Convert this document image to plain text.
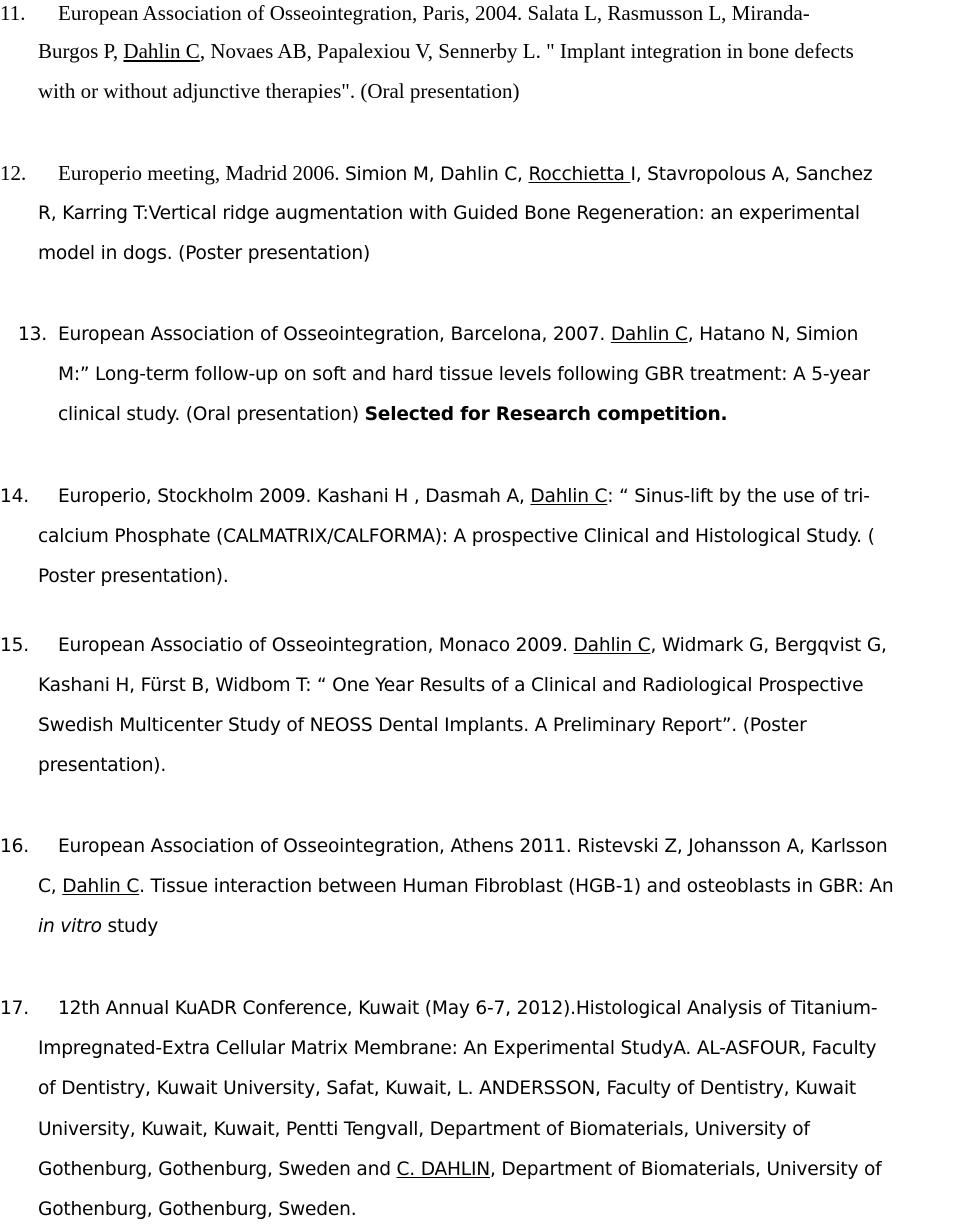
11. European Association of Osseointegration, Paris, 2004. Salata L, Rasmusson L, Miranda-
Burgos P, Dahlin C, Novaes AB, Papalexiou V, Sennerby L. " Implant integration in bone defects
with or without adjunctive therapies". (Oral presentation)
12. Europerio meeting, Madrid 2006. Simion M, Dahlin C, Rocchietta I, Stavropolous A, Sanchez
R, Karring T:Vertical ridge augmentation with Guided Bone Regeneration: an experimental
model in dogs. (Poster presentation)
13. European Association of Osseointegration, Barcelona, 2007. Dahlin C, Hatano N, Simion
M:” Long-term follow-up on soft and hard tissue levels following GBR treatment: A 5-year
clinical study. (Oral presentation) Selected for Research competition.
14. Europerio, Stockholm 2009. Kashani H , Dasmah A, Dahlin C: “ Sinus-lift by the use of tri-
calcium Phosphate (CALMATRIX/CALFORMA): A prospective Clinical and Histological Study. (
Poster presentation).
15. European Associatio of Osseointegration, Monaco 2009. Dahlin C, Widmark G, Bergqvist G,
Kashani H, Fürst B, Widbom T: “ One Year Results of a Clinical and Radiological Prospective
Swedish Multicenter Study of NEOSS Dental Implants. A Preliminary Report”. (Poster
presentation).
16. European Association of Osseointegration, Athens 2011. Ristevski Z, Johansson A, Karlsson
C, Dahlin C. Tissue interaction between Human Fibroblast (HGB-1) and osteoblasts in GBR: An
in vitro study
17. 12th Annual KuADR Conference, Kuwait (May 6-7, 2012).Histological Analysis of Titanium-
Impregnated-Extra Cellular Matrix Membrane: An Experimental StudyA. AL-ASFOUR, Faculty
of Dentistry, Kuwait University, Safat, Kuwait, L. ANDERSSON, Faculty of Dentistry, Kuwait
University, Kuwait, Kuwait, Pentti Tengvall, Department of Biomaterials, University of
Gothenburg, Gothenburg, Sweden and C. DAHLIN, Department of Biomaterials, University of
Gothenburg, Gothenburg, Sweden.
